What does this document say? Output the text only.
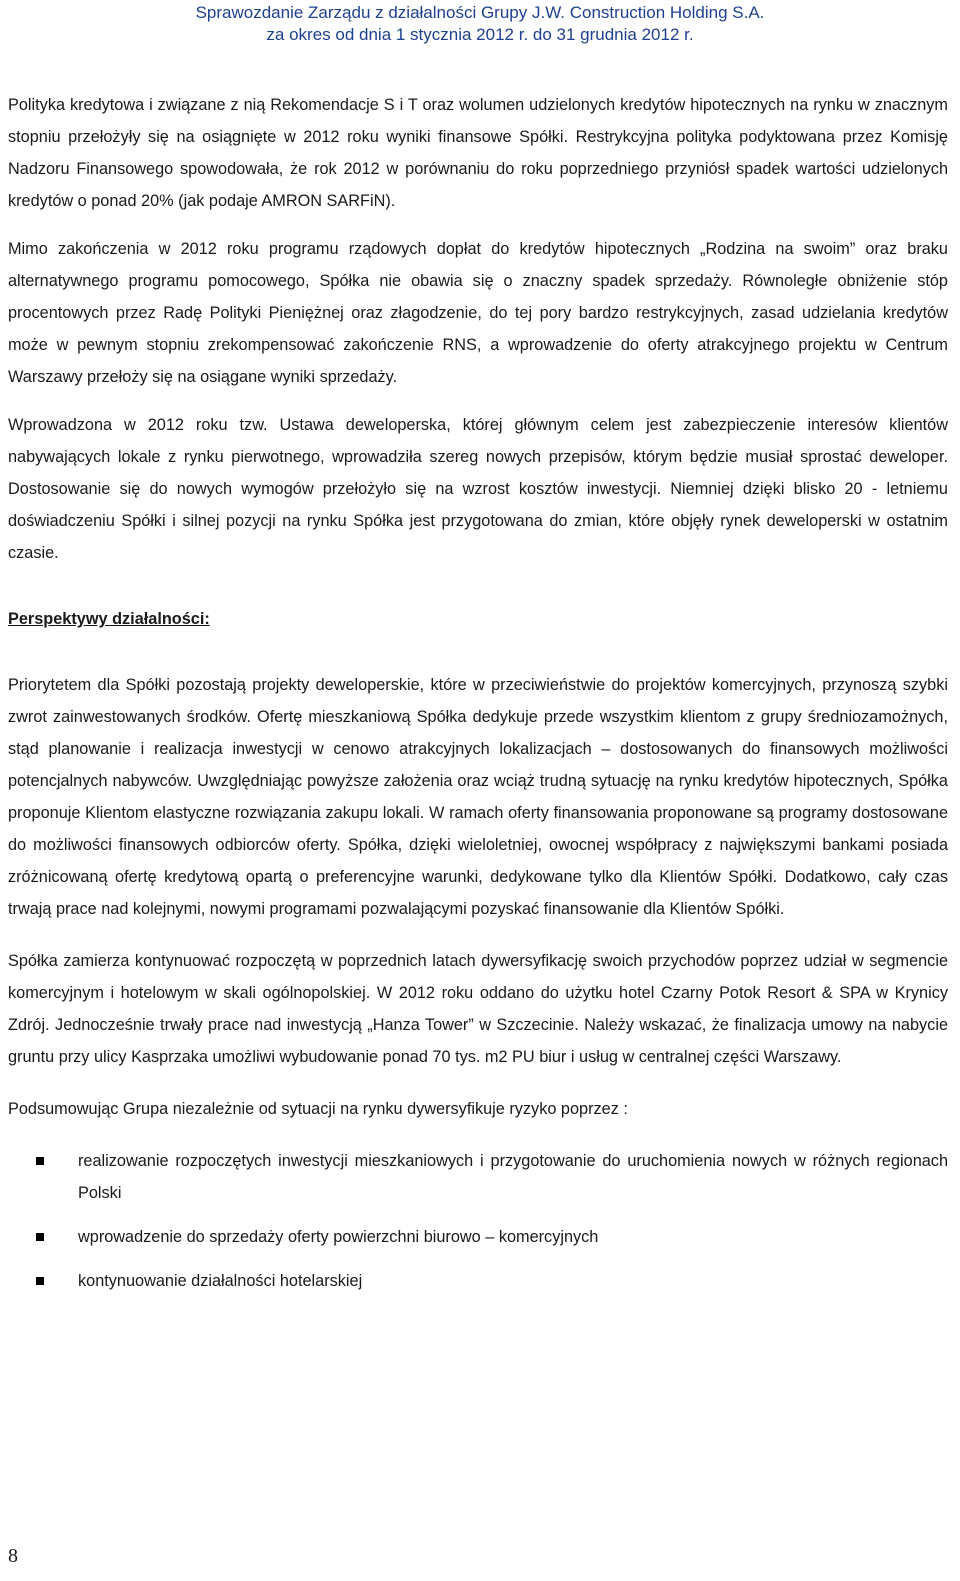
Sprawozdanie Zarządu z działalności Grupy J.W. Construction Holding S.A.
za okres od dnia 1 stycznia 2012 r. do 31 grudnia 2012 r.

Polityka kredytowa i związane z nią Rekomendacje S i T oraz wolumen udzielonych kredytów hipotecznych na rynku w znacznym stopniu przełożyły się na osiągnięte w 2012 roku wyniki finansowe Spółki. Restrykcyjna polityka podyktowana przez Komisję Nadzoru Finansowego spowodowała, że rok 2012 w porównaniu do roku poprzedniego przyniósł spadek wartości udzielonych kredytów o ponad 20% (jak podaje AMRON SARFiN).

Mimo zakończenia w 2012 roku programu rządowych dopłat do kredytów hipotecznych „Rodzina na swoim” oraz braku alternatywnego programu pomocowego, Spółka nie obawia się o znaczny spadek sprzedaży. Równoległe obniżenie stóp procentowych przez Radę Polityki Pieniężnej oraz złagodzenie, do tej pory bardzo restrykcyjnych, zasad udzielania kredytów może w pewnym stopniu zrekompensować zakończenie RNS, a wprowadzenie do oferty atrakcyjnego projektu w Centrum Warszawy przełoży się na osiągane wyniki sprzedaży.

Wprowadzona w 2012 roku tzw. Ustawa deweloperska, której głównym celem jest zabezpieczenie interesów klientów nabywających lokale z rynku pierwotnego, wprowadziła szereg nowych przepisów, którym będzie musiał sprostać deweloper. Dostosowanie się do nowych wymogów przełożyło się na wzrost kosztów inwestycji. Niemniej dzięki blisko 20 - letniemu doświadczeniu Spółki i silnej pozycji na rynku Spółka jest przygotowana do zmian, które objęły rynek deweloperski w ostatnim czasie.

Perspektywy działalności:

Priorytetem dla Spółki pozostają projekty deweloperskie, które w przeciwieństwie do projektów komercyjnych, przynoszą szybki zwrot zainwestowanych środków. Ofertę mieszkaniową Spółka dedykuje przede wszystkim klientom z grupy średniozamożnych, stąd planowanie i realizacja inwestycji w cenowo atrakcyjnych lokalizacjach – dostosowanych do finansowych możliwości potencjalnych nabywców. Uwzględniając powyższe założenia oraz wciąż trudną sytuację na rynku kredytów hipotecznych, Spółka proponuje Klientom elastyczne rozwiązania zakupu lokali. W ramach oferty finansowania proponowane są programy dostosowane do możliwości finansowych odbiorców oferty. Spółka, dzięki wieloletniej, owocnej współpracy z największymi bankami posiada zróżnicowaną ofertę kredytową opartą o preferencyjne warunki, dedykowane tylko dla Klientów Spółki. Dodatkowo, cały czas trwają prace nad kolejnymi, nowymi programami pozwalającymi pozyskać finansowanie dla Klientów Spółki.

Spółka zamierza kontynuować rozpoczętą w poprzednich latach dywersyfikację swoich przychodów poprzez udział w segmencie komercyjnym i hotelowym w skali ogólnopolskiej. W 2012 roku oddano do użytku hotel Czarny Potok Resort & SPA w Krynicy Zdrój. Jednocześnie trwały prace nad inwestycją „Hanza Tower” w Szczecinie. Należy wskazać, że finalizacja umowy na nabycie gruntu przy ulicy Kasprzaka umożliwi wybudowanie ponad 70 tys. m2 PU biur i usług w centralnej części Warszawy.

Podsumowując Grupa niezależnie od sytuacji na rynku dywersyfikuje ryzyko poprzez :

realizowanie rozpoczętych inwestycji mieszkaniowych i przygotowanie do uruchomienia nowych w różnych regionach Polski
wprowadzenie do sprzedaży oferty powierzchni biurowo – komercyjnych
kontynuowanie działalności hotelarskiej
8
